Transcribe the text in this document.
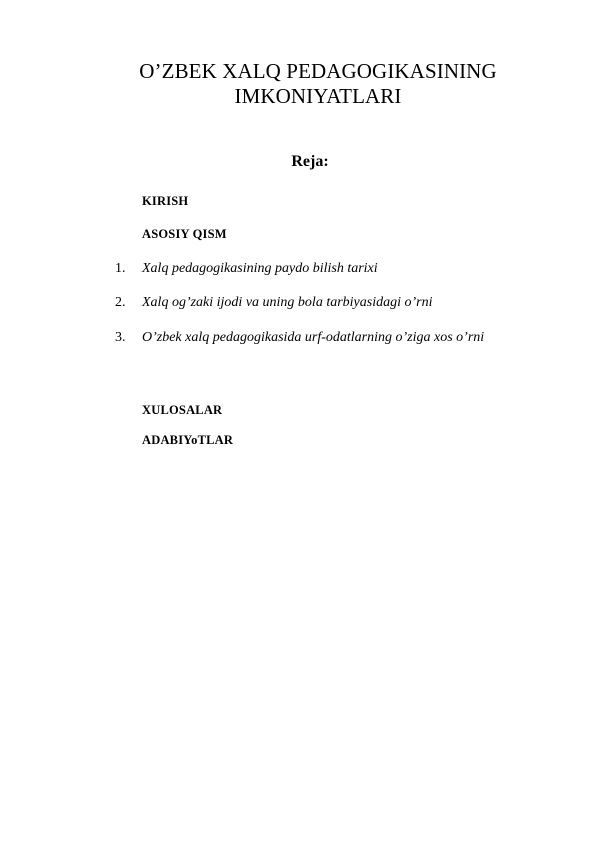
O’ZBEK XALQ PEDAGOGIKASINING
IMKONIYATLARI
Reja:

KIRISH

ASOSIY QISM

1.	Xalq pedagogikasining paydo bilish tarixi
2.	Xalq og’zaki ijodi va uning bola tarbiyasidagi o’rni
3.	O’zbek xalq pedagogikasida urf-odatlarning o’ziga xos o’rni

XULOSALAR

ADABIYoTLAR
